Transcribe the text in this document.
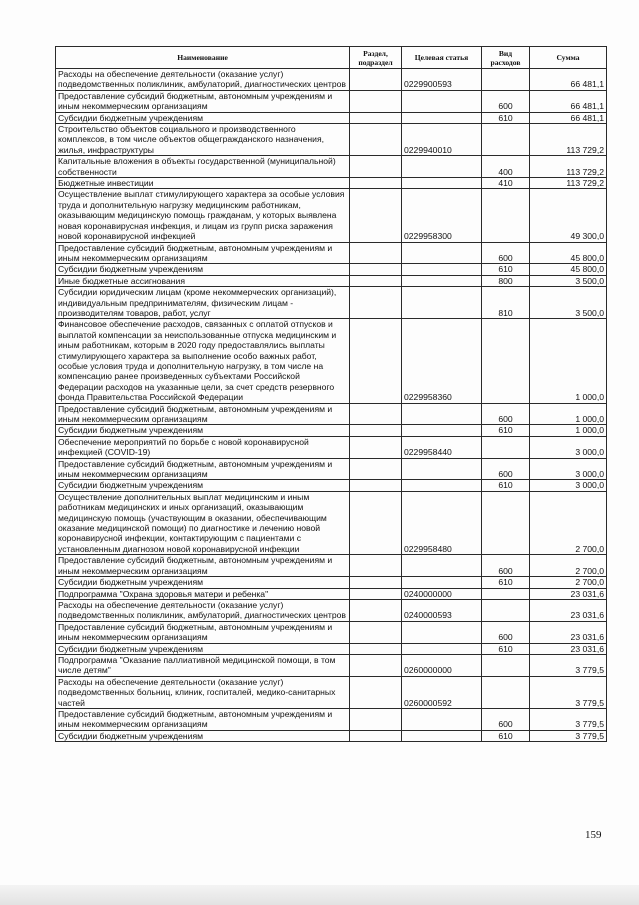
Наименование	Раздел, подраздел	Целевая статья	Вид расходов	Сумма
Расходы на обеспечение деятельности (оказание услуг) подведомственных поликлиник, амбулаторий, диагностических центров		0229900593		66 481,1
Предоставление субсидий бюджетным, автономным учреждениям и иным некоммерческим организациям			600	66 481,1
Субсидии бюджетным учреждениям			610	66 481,1
Строительство объектов социального и производственного комплексов, в том числе объектов общегражданского назначения, жилья, инфраструктуры		0229940010		113 729,2
Капитальные вложения в объекты государственной (муниципальной) собственности			400	113 729,2
Бюджетные инвестиции			410	113 729,2
Осуществление выплат стимулирующего характера за особые условия труда и дополнительную нагрузку медицинским работникам, оказывающим медицинскую помощь гражданам, у которых выявлена новая коронавирусная инфекция, и лицам из групп риска заражения новой коронавирусной инфекцией		0229958300		49 300,0
Предоставление субсидий бюджетным, автономным учреждениям и иным некоммерческим организациям			600	45 800,0
Субсидии бюджетным учреждениям			610	45 800,0
Иные бюджетные ассигнования			800	3 500,0
Субсидии юридическим лицам (кроме некоммерческих организаций), индивидуальным предпринимателям, физическим лицам - производителям товаров, работ, услуг			810	3 500,0
Финансовое обеспечение расходов, связанных с оплатой отпусков и выплатой компенсации за неиспользованные отпуска медицинским и иным работникам, которым в 2020 году предоставлялись выплаты стимулирующего характера за выполнение особо важных работ, особые условия труда и дополнительную нагрузку, в том числе на компенсацию ранее произведенных субъектами Российской Федерации расходов на указанные цели, за счет средств резервного фонда Правительства Российской Федерации		0229958360		1 000,0
Предоставление субсидий бюджетным, автономным учреждениям и иным некоммерческим организациям			600	1 000,0
Субсидии бюджетным учреждениям			610	1 000,0
Обеспечение мероприятий по борьбе с новой коронавирусной инфекцией (COVID-19)		0229958440		3 000,0
Предоставление субсидий бюджетным, автономным учреждениям и иным некоммерческим организациям			600	3 000,0
Субсидии бюджетным учреждениям			610	3 000,0
Осуществление дополнительных выплат медицинским и иным работникам медицинских и иных организаций, оказывающим медицинскую помощь (участвующим в оказании, обеспечивающим оказание медицинской помощи) по диагностике и лечению новой коронавирусной инфекции, контактирующим с пациентами с установленным диагнозом новой коронавирусной инфекции		0229958480		2 700,0
Предоставление субсидий бюджетным, автономным учреждениям и иным некоммерческим организациям			600	2 700,0
Субсидии бюджетным учреждениям			610	2 700,0
Подпрограмма "Охрана здоровья матери и ребенка"		0240000000		23 031,6
Расходы на обеспечение деятельности (оказание услуг) подведомственных поликлиник, амбулаторий, диагностических центров		0240000593		23 031,6
Предоставление субсидий бюджетным, автономным учреждениям и иным некоммерческим организациям			600	23 031,6
Субсидии бюджетным учреждениям			610	23 031,6
Подпрограмма "Оказание паллиативной медицинской помощи, в том числе детям"		0260000000		3 779,5
Расходы на обеспечение деятельности (оказание услуг) подведомственных больниц, клиник, госпиталей, медико-санитарных частей		0260000592		3 779,5
Предоставление субсидий бюджетным, автономным учреждениям и иным некоммерческим организациям			600	3 779,5
Субсидии бюджетным учреждениям			610	3 779,5
159
